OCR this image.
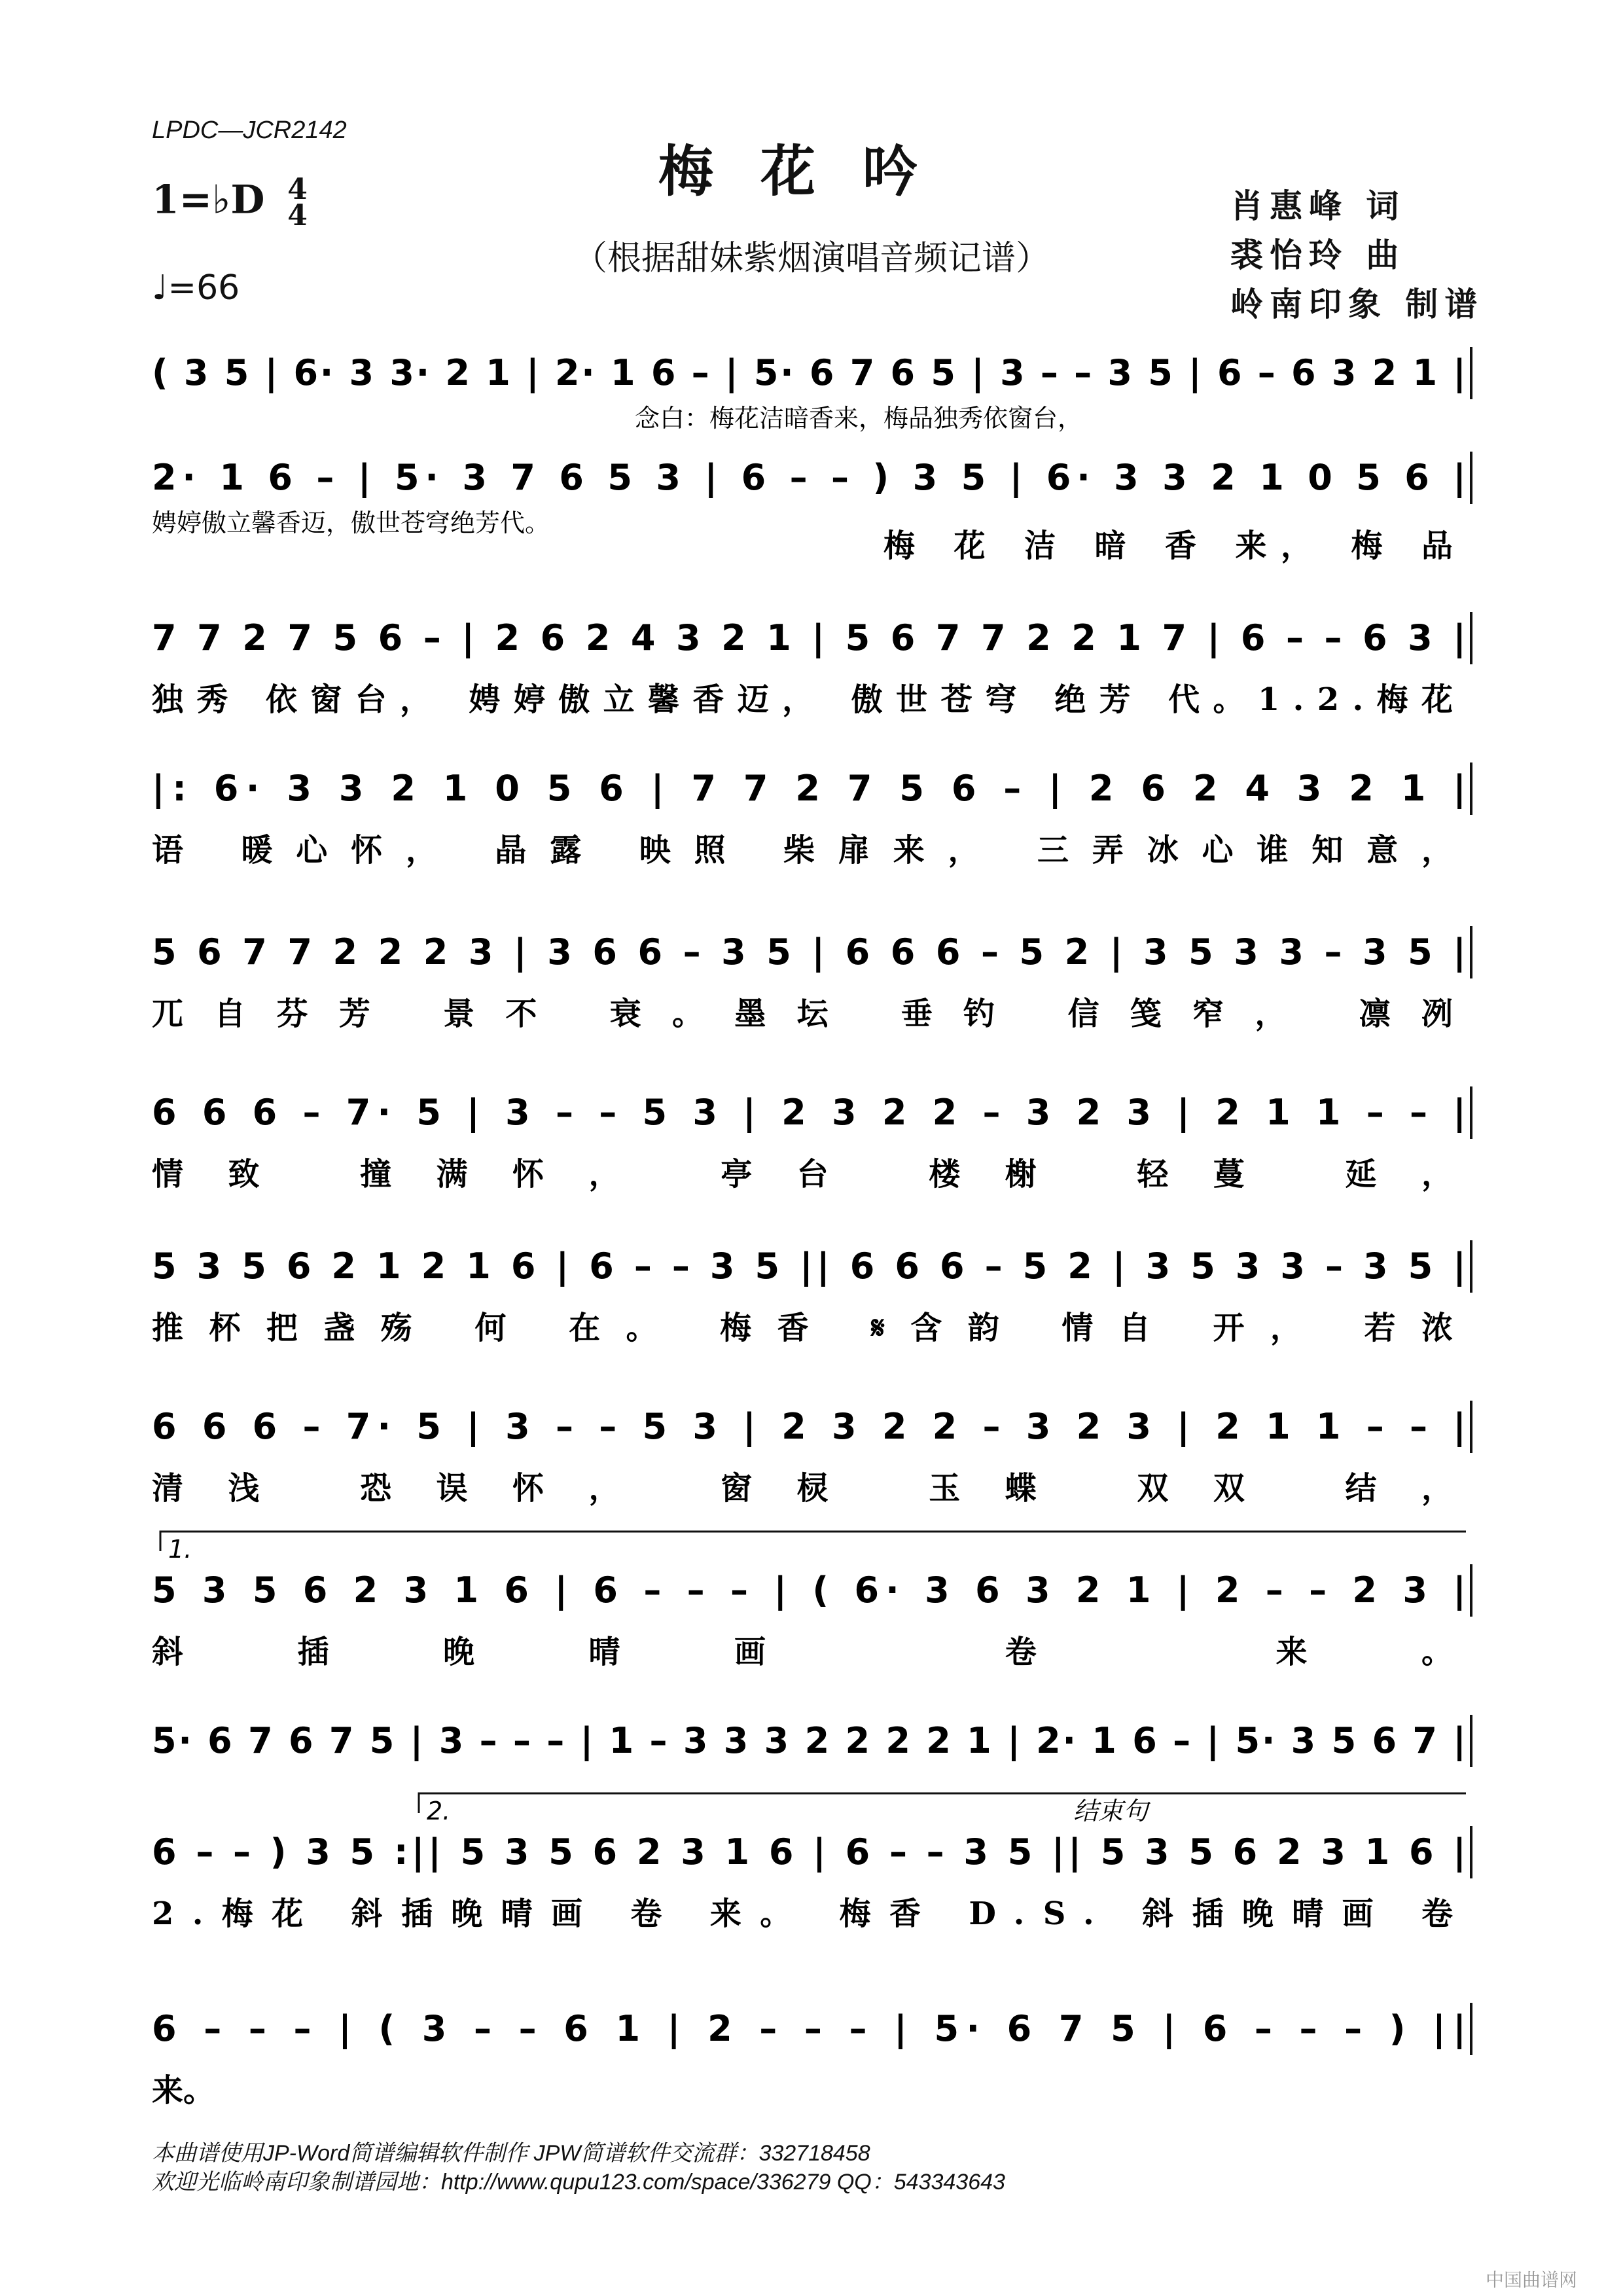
LPDC—JCR2142
梅花吟
（根据甜妹紫烟演唱音频记谱）
1=♭D 4
4
♩=66
肖惠峰 词
裘怡玲 曲
岭南印象 制谱
( 3 5 | 6· 3 3· 2 1 | 2· 1 6 – | 5· 6 7 6 5 | 3 – – 3 5 | 6 – 6 3 2 1 |
念白：梅花洁暗香来，梅品独秀依窗台，
2· 1 6 – | 5· 3 7 6 5 3 | 6 – – ) 3 5 | 6· 3 3 2 1 0 5 6 |
娉婷傲立馨香迈，傲世苍穹绝芳代。
梅 花 洁 暗 香 来， 梅 品
7 7 2 7 5 6 – | 2 6 2 4 3 2 1 | 5 6 7 7 2 2 1 7 | 6 – – 6 3 |
独秀 依窗台， 娉婷傲立馨香迈， 傲世苍穹 绝芳 代。1.2.梅花
|: 6· 3 3 2 1 0 5 6 | 7 7 2 7 5 6 – | 2 6 2 4 3 2 1 |
语 暖心怀， 晶露 映照 柴扉来， 三弄冰心谁知意，
5 6 7 7 2 2 2 3 | 3 6 6 – 3 5 | 6 6 6 – 5 2 | 3 5 3 3 – 3 5 |
兀自芬芳 景不 衰。墨坛 垂钓 信笺窄， 凛冽
6 6 6 – 7· 5 | 3 – – 5 3 | 2 3 2 2 – 3 2 3 | 2 1 1 – – |
情致 撞满怀， 亭台 楼榭 轻蔓 延，
5 3 5 6 2 1 2 1 6 | 6 – – 3 5 || 6 6 6 – 5 2 | 3 5 3 3 – 3 5 |
推杯把盏殇 何 在。 梅香 𝄋含韵 情自 开， 若浓
6 6 6 – 7· 5 | 3 – – 5 3 | 2 3 2 2 – 3 2 3 | 2 1 1 – – |
清浅 恐误怀， 窗棂 玉蝶 双双 结，
5 3 5 6 2 3 1 6 | 6 – – – | ( 6· 3 6 3 2 1 | 2 – – 2 3 |
斜插晚晴画 卷 来。
1.
5· 6 7 6 7 5 | 3 – – – | 1 – 3 3 3 2 2 2 2 1 | 2· 1 6 – | 5· 3 5 6 7 |
6 – – ) 3 5 :|| 5 3 5 6 2 3 1 6 | 6 – – 3 5 || 5 3 5 6 2 3 1 6 |
2.梅花 斜插晚晴画 卷 来。 梅香 D.S. 斜插晚晴画 卷
2.	结束句
6 – – – | ( 3 – – 6 1 | 2 – – – | 5· 6 7 5 | 6 – – – ) ||
来。
本曲谱使用JP-Word简谱编辑软件制作 JPW简谱软件交流群：332718458
欢迎光临岭南印象制谱园地：http://www.qupu123.com/space/336279 QQ：543343643
中国曲谱网
